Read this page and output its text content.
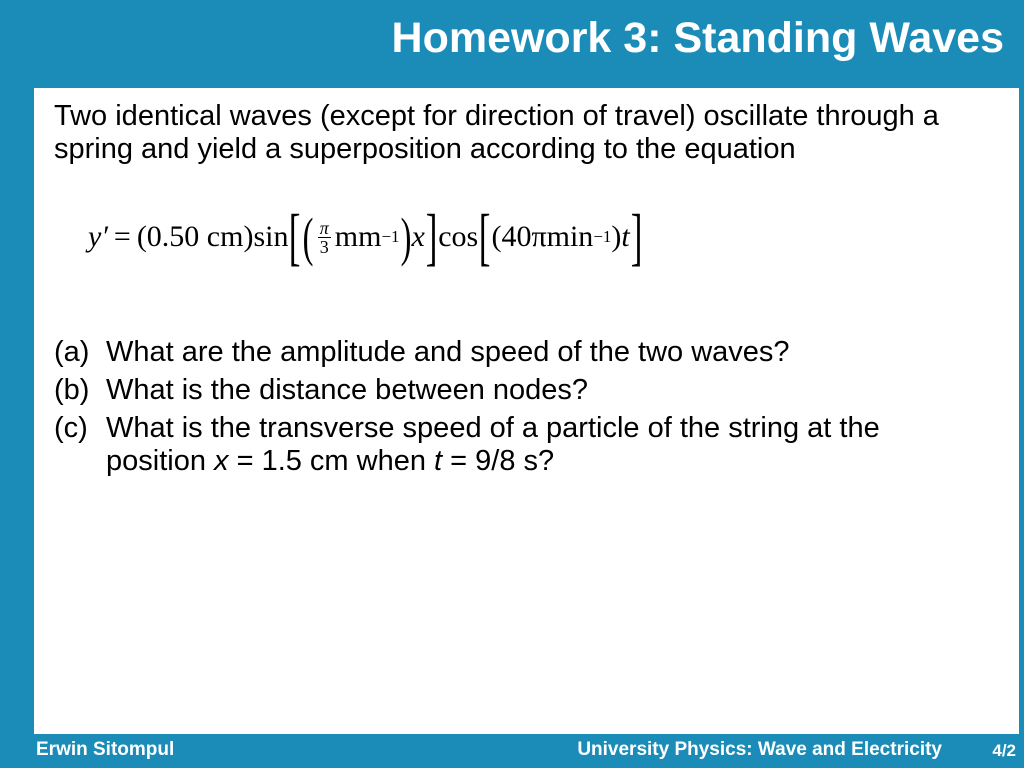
Homework 3: Standing Waves

Two identical waves (except for direction of travel) oscillate through a spring and yield a superposition according to the equation

y′ = (0.50 cm) sin [ ( $\frac{\pi}{3}$ mm −1 ) x ] cos [ (40π min −1 ) t ]
(a) What are the amplitude and speed of the two waves?
(b) What is the distance between nodes?
(c) What is the transverse speed of a particle of the string at the position x = 1.5 cm when t = 9/8 s?
Erwin Sitompul	University Physics: Wave and Electricity	4/2
